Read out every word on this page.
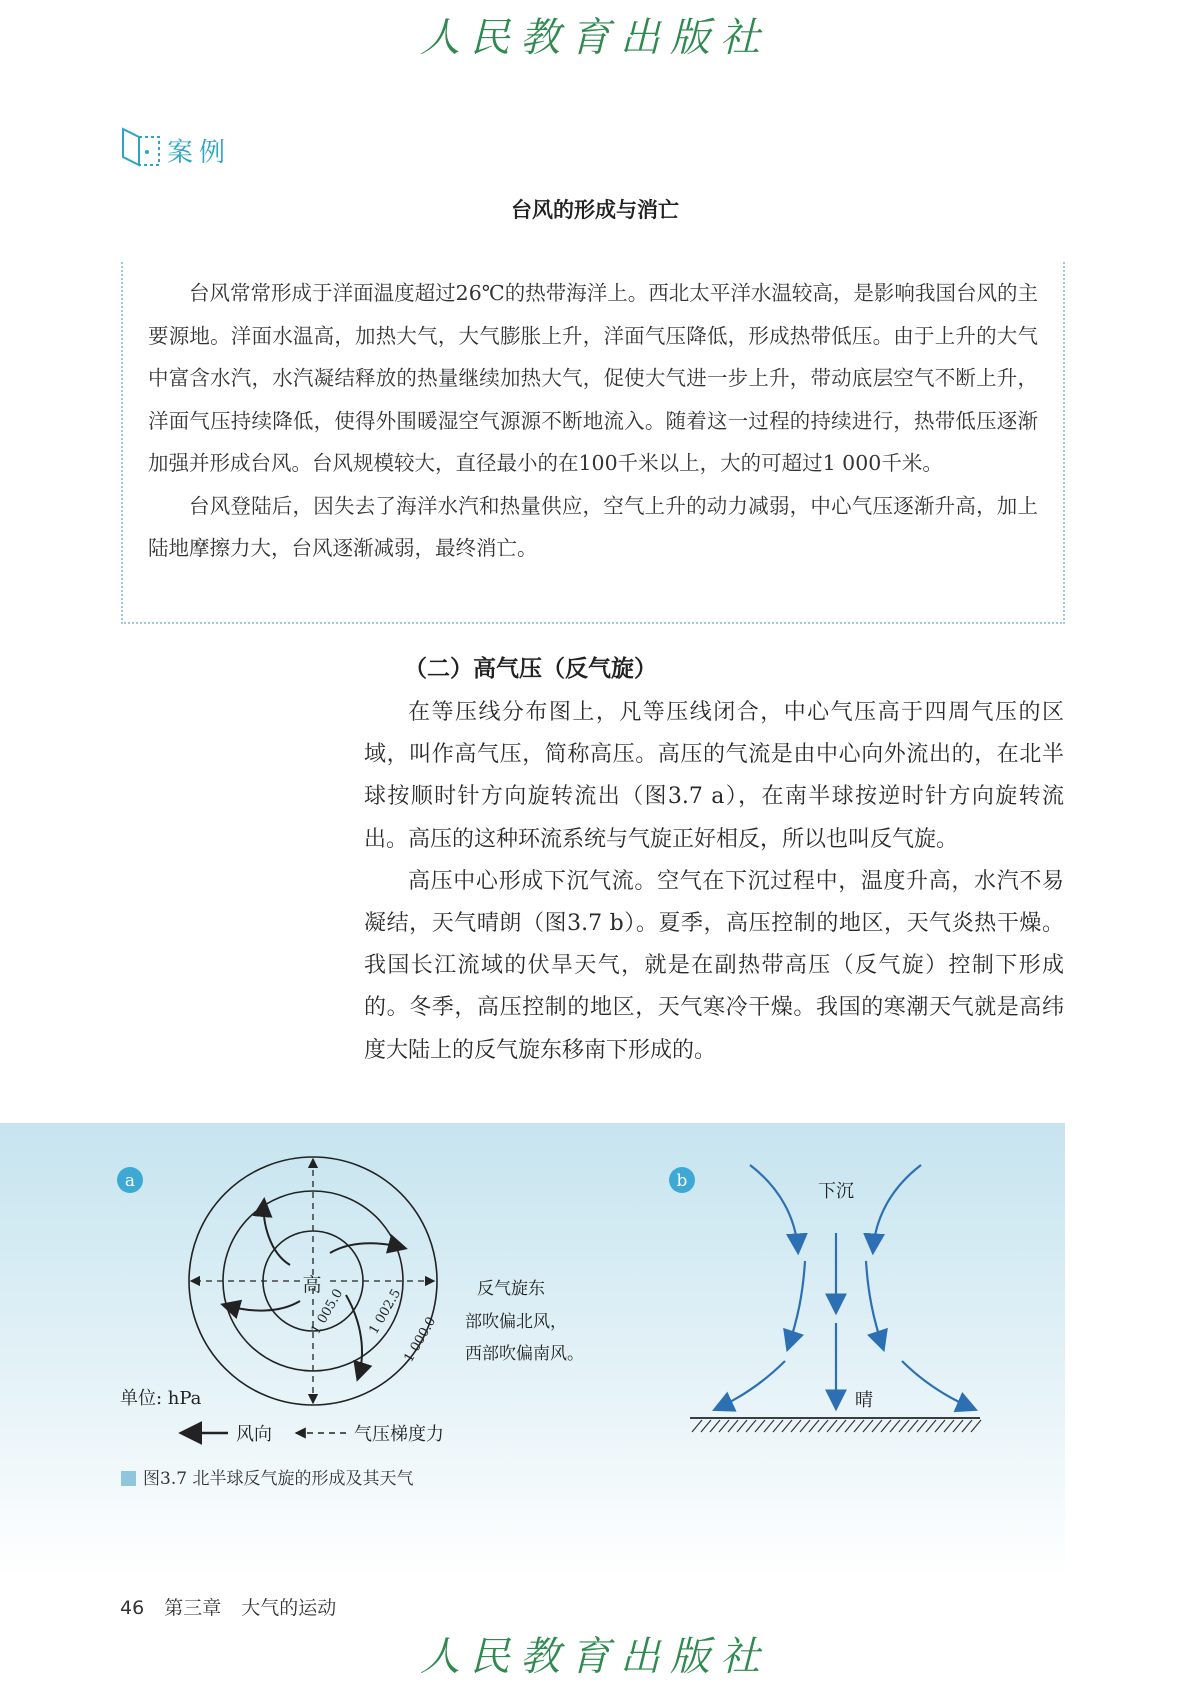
人民教育出版社
案例
台风的形成与消亡

台风常常形成于洋面温度超过26℃的热带海洋上。西北太平洋水温较高，是影响我国台风的主要源地。洋面水温高，加热大气，大气膨胀上升，洋面气压降低，形成热带低压。由于上升的大气中富含水汽，水汽凝结释放的热量继续加热大气，促使大气进一步上升，带动底层空气不断上升，洋面气压持续降低，使得外围暖湿空气源源不断地流入。随着这一过程的持续进行，热带低压逐渐加强并形成台风。台风规模较大，直径最小的在100千米以上，大的可超过1 000千米。

台风登陆后，因失去了海洋水汽和热量供应，空气上升的动力减弱，中心气压逐渐升高，加上陆地摩擦力大，台风逐渐减弱，最终消亡。

（二）高气压（反气旋）

在等压线分布图上，凡等压线闭合，中心气压高于四周气压的区域，叫作高气压，简称高压。高压的气流是由中心向外流出的，在北半球按顺时针方向旋转流出（图3.7 a），在南半球按逆时针方向旋转流出。高压的这种环流系统与气旋正好相反，所以也叫反气旋。

高压中心形成下沉气流。空气在下沉过程中，温度升高，水汽不易凝结，天气晴朗（图3.7 b）。夏季，高压控制的地区，天气炎热干燥。我国长江流域的伏旱天气，就是在副热带高压（反气旋）控制下形成的。冬季，高压控制的地区，天气寒冷干燥。我国的寒潮天气就是高纬度大陆上的反气旋东移南下形成的。

a
高
1 005.0 1 002.5
1 000.0
反气旋东
部吹偏北风，
西部吹偏南风。
单位: hPa
风向	气压梯度力
b	下沉
晴
图3.7 北半球反气旋的形成及其天气
46 第三章 大气的运动
人民教育出版社
